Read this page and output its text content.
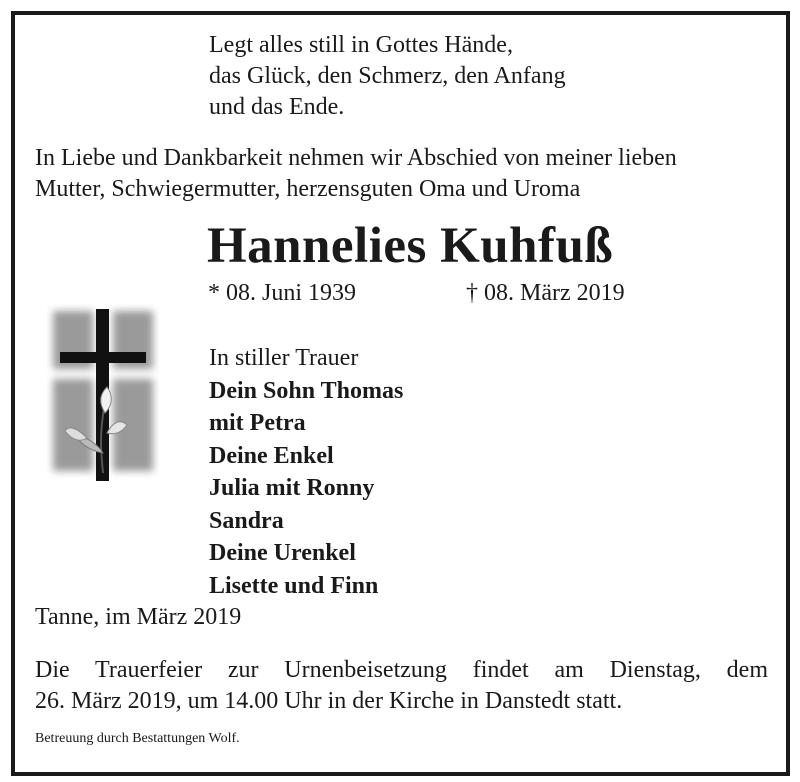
Legt alles still in Gottes Hände,
das Glück, den Schmerz, den Anfang
und das Ende.
In Liebe und Dankbarkeit nehmen wir Abschied von meiner lieben
Mutter, Schwiegermutter, herzensguten Oma und Uroma
Hannelies Kuhfuß
* 08. Juni 1939	† 08. März 2019
In stiller Trauer
Dein Sohn Thomas
mit Petra
Deine Enkel
Julia mit Ronny
Sandra
Deine Urenkel
Lisette und Finn
Tanne, im März 2019
Die Trauerfeier zur Urnenbeisetzung findet am Dienstag, dem
26. März 2019, um 14.00 Uhr in der Kirche in Danstedt statt.
Betreuung durch Bestattungen Wolf.
